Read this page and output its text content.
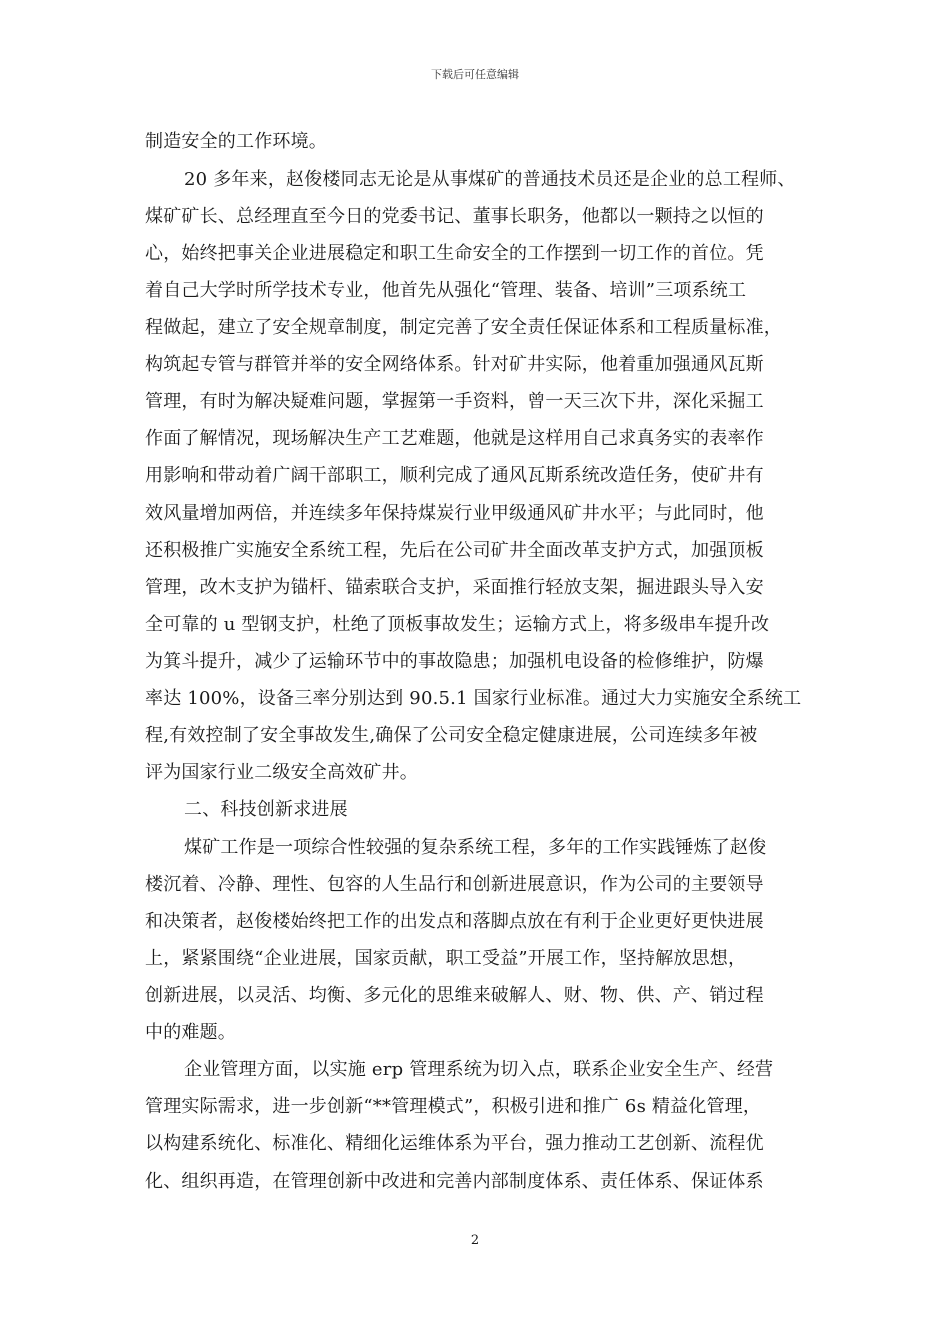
下载后可任意编辑
制造安全的工作环境。
20 多年来，赵俊楼同志无论是从事煤矿的普通技术员还是企业的总工程师、
煤矿矿长、总经理直至今日的党委书记、董事长职务，他都以一颗持之以恒的
心，始终把事关企业进展稳定和职工生命安全的工作摆到一切工作的首位。凭
着自己大学时所学技术专业，他首先从强化“管理、装备、培训”三项系统工
程做起，建立了安全规章制度，制定完善了安全责任保证体系和工程质量标准，
构筑起专管与群管并举的安全网络体系。针对矿井实际，他着重加强通风瓦斯
管理，有时为解决疑难问题，掌握第一手资料，曾一天三次下井，深化采掘工
作面了解情况，现场解决生产工艺难题，他就是这样用自己求真务实的表率作
用影响和带动着广阔干部职工，顺利完成了通风瓦斯系统改造任务，使矿井有
效风量增加两倍，并连续多年保持煤炭行业甲级通风矿井水平；与此同时，他
还积极推广实施安全系统工程，先后在公司矿井全面改革支护方式，加强顶板
管理，改木支护为锚杆、锚索联合支护，采面推行轻放支架，掘进跟头导入安
全可靠的 u 型钢支护，杜绝了顶板事故发生；运输方式上，将多级串车提升改
为箕斗提升，减少了运输环节中的事故隐患；加强机电设备的检修维护，防爆
率达 100%，设备三率分别达到 90.5.1 国家行业标准。通过大力实施安全系统工
程,有效控制了安全事故发生,确保了公司安全稳定健康进展，公司连续多年被
评为国家行业二级安全高效矿井。
二、科技创新求进展
煤矿工作是一项综合性较强的复杂系统工程，多年的工作实践锤炼了赵俊
楼沉着、冷静、理性、包容的人生品行和创新进展意识，作为公司的主要领导
和决策者，赵俊楼始终把工作的出发点和落脚点放在有利于企业更好更快进展
上，紧紧围绕“企业进展，国家贡献，职工受益”开展工作，坚持解放思想，
创新进展，以灵活、均衡、多元化的思维来破解人、财、物、供、产、销过程
中的难题。
企业管理方面，以实施 erp 管理系统为切入点，联系企业安全生产、经营
管理实际需求，进一步创新“**管理模式”，积极引进和推广 6s 精益化管理，
以构建系统化、标准化、精细化运维体系为平台，强力推动工艺创新、流程优
化、组织再造，在管理创新中改进和完善内部制度体系、责任体系、保证体系
2
